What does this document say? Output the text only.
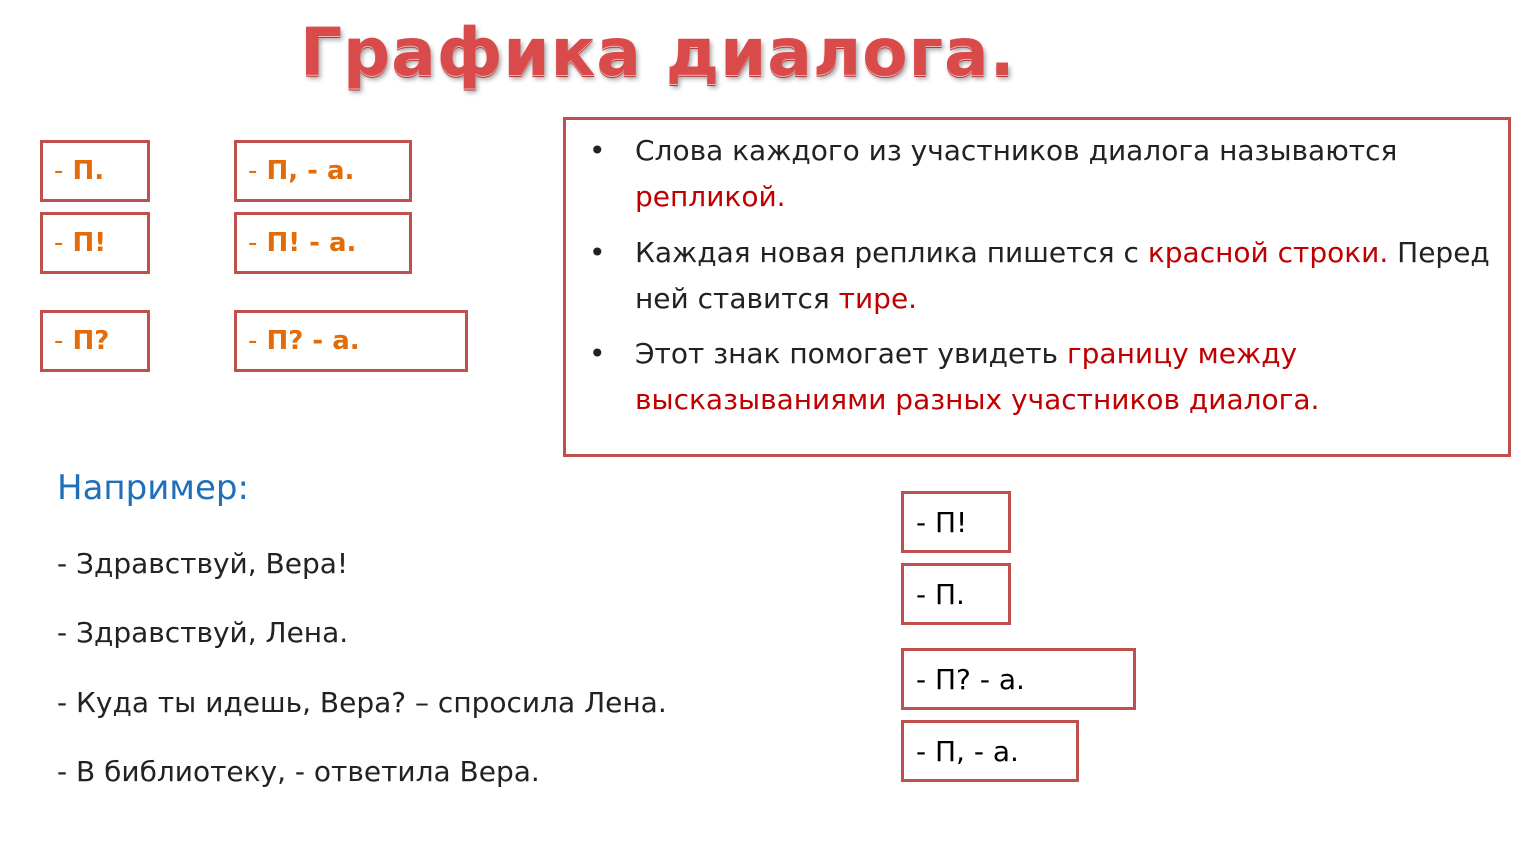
Графика диалога.
-
П.
-
П!
-
П?
-
П, - а.
-
П! - а.
-
П? - а.
• Слова каждого из участников диалога называются репликой.
• Каждая новая реплика пишется с красной строки. Перед ней ставится тире.
• Этот знак помогает увидеть границу между высказываниями разных участников диалога.
Например:
- Здравствуй, Вера!
- Здравствуй, Лена.
- Куда ты идешь, Вера? – спросила Лена.
- В библиотеку, - ответила Вера.
- П!
- П.
- П? - а.
- П, - а.
